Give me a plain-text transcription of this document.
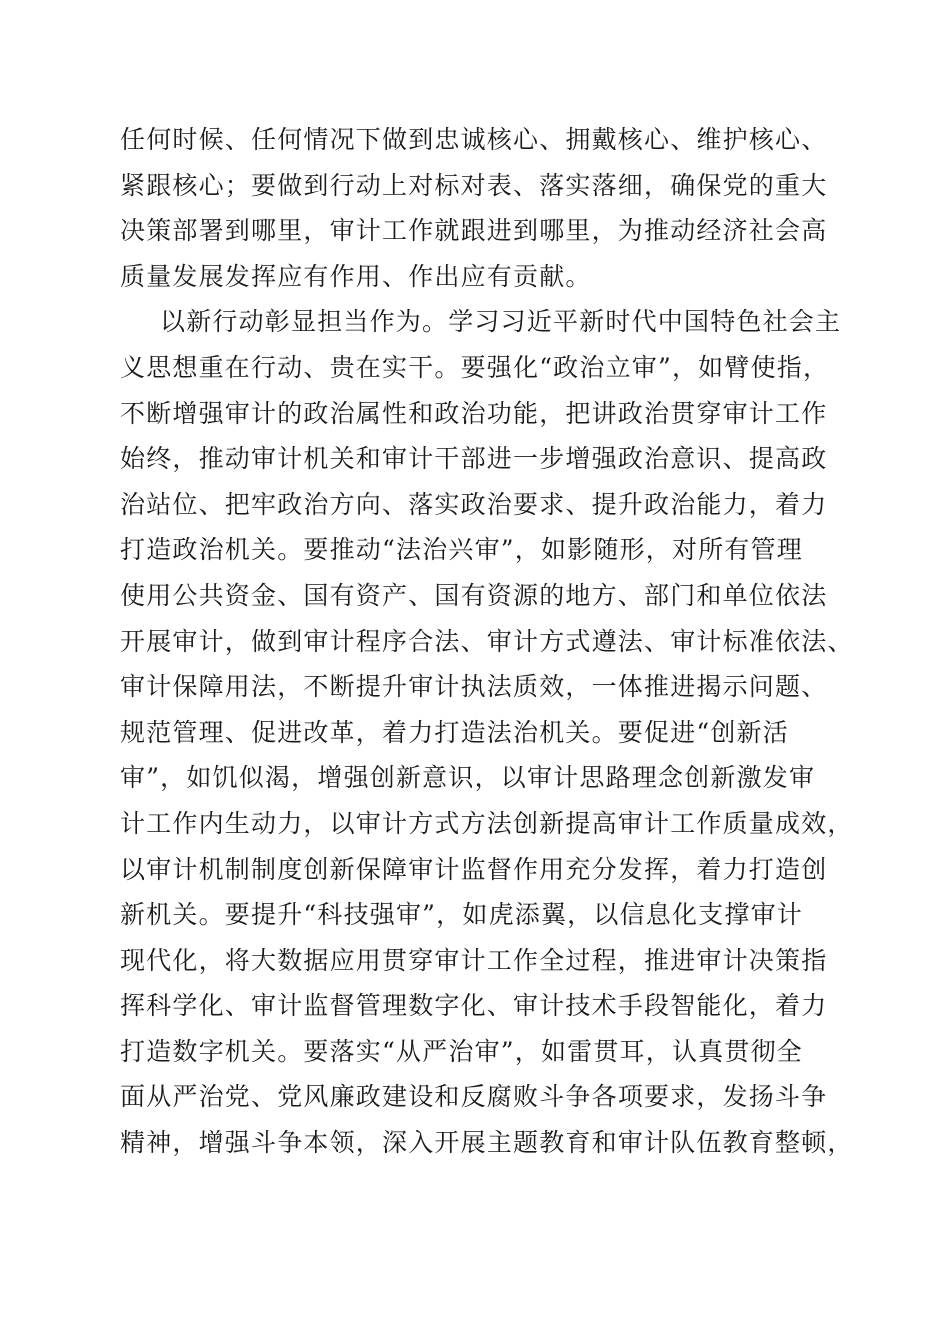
任何时候、任何情况下做到忠诚核心、拥戴核心、维护核心、
紧跟核心；要做到行动上对标对表、落实落细，确保党的重大
决策部署到哪里，审计工作就跟进到哪里，为推动经济社会高
质量发展发挥应有作用、作出应有贡献。
以新行动彰显担当作为。学习习近平新时代中国特色社会主
义思想重在行动、贵在实干。要强化“政治立审”，如臂使指，
不断增强审计的政治属性和政治功能，把讲政治贯穿审计工作
始终，推动审计机关和审计干部进一步增强政治意识、提高政
治站位、把牢政治方向、落实政治要求、提升政治能力，着力
打造政治机关。要推动“法治兴审”，如影随形，对所有管理
使用公共资金、国有资产、国有资源的地方、部门和单位依法
开展审计，做到审计程序合法、审计方式遵法、审计标准依法、
审计保障用法，不断提升审计执法质效，一体推进揭示问题、
规范管理、促进改革，着力打造法治机关。要促进“创新活
审”，如饥似渴，增强创新意识，以审计思路理念创新激发审
计工作内生动力，以审计方式方法创新提高审计工作质量成效，
以审计机制制度创新保障审计监督作用充分发挥，着力打造创
新机关。要提升“科技强审”，如虎添翼，以信息化支撑审计
现代化，将大数据应用贯穿审计工作全过程，推进审计决策指
挥科学化、审计监督管理数字化、审计技术手段智能化，着力
打造数字机关。要落实“从严治审”，如雷贯耳，认真贯彻全
面从严治党、党风廉政建设和反腐败斗争各项要求，发扬斗争
精神，增强斗争本领，深入开展主题教育和审计队伍教育整顿，
